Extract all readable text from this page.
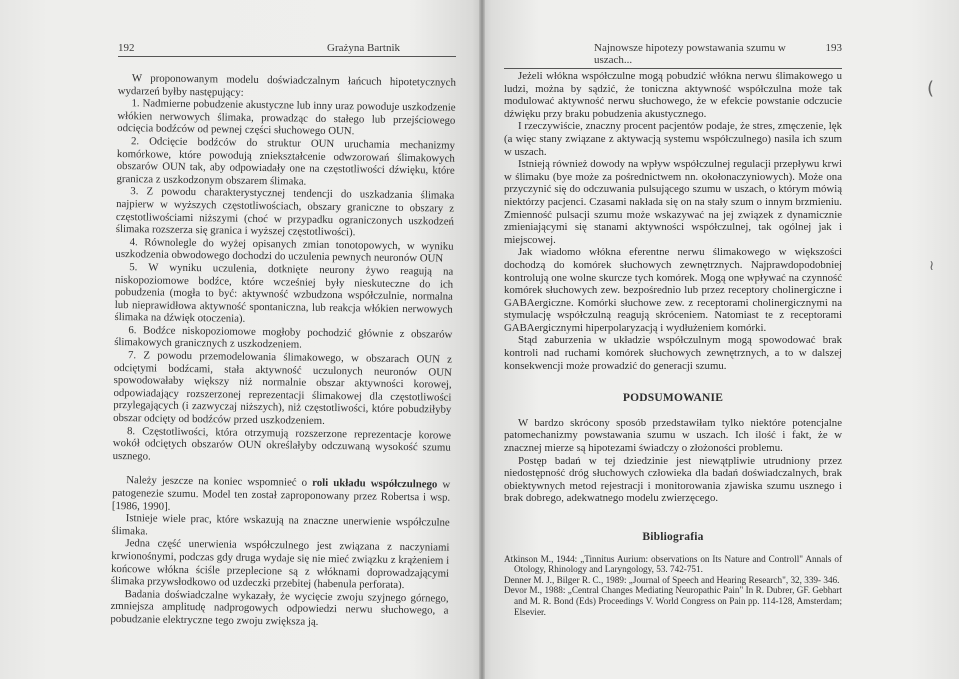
192	Grażyna Bartnik

W proponowanym modelu doświadczalnym łańcuch hipotetycznych wydarzeń byłby następujący:

1. Nadmierne pobudzenie akustyczne lub inny uraz powoduje uszkodzenie włókien nerwowych ślimaka, prowadząc do stałego lub przejściowego odcięcia bodźców od pewnej części słuchowego OUN.

2. Odcięcie bodźców do struktur OUN uruchamia mechanizmy komórkowe, które powodują zniekształcenie odwzorowań ślimakowych obszarów OUN tak, aby odpowiadały one na częstotliwości dźwięku, które granicza z uszkodzonym obszarem ślimaka.

3. Z powodu charakterystycznej tendencji do uszkadzania ślimaka najpierw w wyższych częstotliwościach, obszary graniczne to obszary z częstotliwościami niższymi (choć w przypadku ograniczonych uszkodzeń ślimaka rozszerza się granica i wyższej częstotliwości).

4. Równolegle do wyżej opisanych zmian tonotopowych, w wyniku uszkodzenia obwodowego dochodzi do uczulenia pewnych neuronów OUN

5. W wyniku uczulenia, dotknięte neurony żywo reagują na niskopoziomowe bodźce, które wcześniej były nieskuteczne do ich pobudzenia (mogła to być: aktywność wzbudzona współczulnie, normalna lub nieprawidłowa aktywność spontaniczna, lub reakcja włókien nerwowych ślimaka na dźwięk otoczenia).

6. Bodźce niskopoziomowe mogłoby pochodzić głównie z obszarów ślimakowych granicznych z uszkodzeniem.

7. Z powodu przemodelowania ślimakowego, w obszarach OUN z odciętymi bodźcami, stała aktywność uczulonych neuronów OUN spowodowałaby większy niż normalnie obszar aktywności korowej, odpowiadający rozszerzonej reprezentacji ślimakowej dla częstotliwości przylegających (i zazwyczaj niższych), niż częstotliwości, które pobudziłyby obszar odcięty od bodźców przed uszkodzeniem.

8. Częstotliwości, która otrzymują rozszerzone reprezentacje korowe wokół odciętych obszarów OUN określałyby odczuwaną wysokość szumu usznego.

Należy jeszcze na koniec wspomnieć o roli układu współczulnego w patogenezie szumu. Model ten został zaproponowany przez Robertsa i wsp. [1986, 1990].

Istnieje wiele prac, które wskazują na znaczne unerwienie współczulne ślimaka.

Jedna część unerwienia współczulnego jest związana z naczyniami krwionośnymi, podczas gdy druga wydaje się nie mieć związku z krążeniem i końcowe włókna ściśle przeplecione są z włóknami doprowadzającymi ślimaka przywsłodkowo od uzdeczki przebitej (habenula perforata).

Badania doświadczalne wykazały, że wycięcie zwoju szyjnego górnego, zmniejsza amplitudę nadprogowych odpowiedzi nerwu słuchowego, a pobudzanie elektryczne tego zwoju zwiększa ją.

Najnowsze hipotezy powstawania szumu w uszach...
193

Jeżeli włókna współczulne mogą pobudzić włókna nerwu ślimakowego u ludzi, można by sądzić, że toniczna aktywność współczulna może tak modulować aktywność nerwu słuchowego, że w efekcie powstanie odczucie dźwięku przy braku pobudzenia akustycznego.

I rzeczywiście, znaczny procent pacjentów podaje, że stres, zmęczenie, lęk (a więc stany związane z aktywacją systemu współczulnego) nasila ich szum w uszach.

Istnieją również dowody na wpływ współczulnej regulacji przepływu krwi w ślimaku (bye może za pośrednictwem nn. okołonaczyniowych). Może ona przyczynić się do odczuwania pulsującego szumu w uszach, o którym mówią niektórzy pacjenci. Czasami nakłada się on na stały szum o innym brzmieniu. Zmienność pulsacji szumu może wskazywać na jej związek z dynamicznie zmieniającymi się stanami aktywności współczulnej, tak ogólnej jak i miejscowej.

Jak wiadomo włókna eferentne nerwu ślimakowego w większości dochodzą do komórek słuchowych zewnętrznych. Najprawdopodobniej kontrolują one wolne skurcze tych komórek. Mogą one wpływać na czynność komórek słuchowych zew. bezpośrednio lub przez receptory cholinergiczne i GABAergiczne. Komórki słuchowe zew. z receptorami cholinergicznymi na stymulację współczulną reagują skróceniem. Natomiast te z receptorami GABAergicznymi hiperpolaryzacją i wydłużeniem komórki.

Stąd zaburzenia w układzie współczulnym mogą spowodować brak kontroli nad ruchami komórek słuchowych zewnętrznych, a to w dalszej konsekwencji może prowadzić do generacji szumu.

PODSUMOWANIE

W bardzo skrócony sposób przedstawiłam tylko niektóre potencjalne patomechanizmy powstawania szumu w uszach. Ich ilość i fakt, że w znacznej mierze są hipotezami świadczy o złożoności problemu.

Postęp badań w tej dziedzinie jest niewątpliwie utrudniony przez niedostępność dróg słuchowych człowieka dla badań doświadczalnych, brak obiektywnych metod rejestracji i monitorowania zjawiska szumu usznego i brak dobrego, adekwatnego modelu zwierzęcego.

Bibliografia

Atkinson M., 1944: „Tinnitus Aurium: observations on Its Nature and Controll" Annals of Otology, Rhinology and Laryngology, 53. 742-751.

Denner M. J., Bilger R. C., 1989: „Journal of Speech and Hearing Research", 32, 339- 346.

Devor M., 1988: „Central Changes Mediating Neuropathic Pain" In R. Dubrer, GF. Gebhart and M. R. Bond (Eds) Proceedings V. World Congress on Pain pp. 114-128, Amsterdam; Elsevier.

(
≀
